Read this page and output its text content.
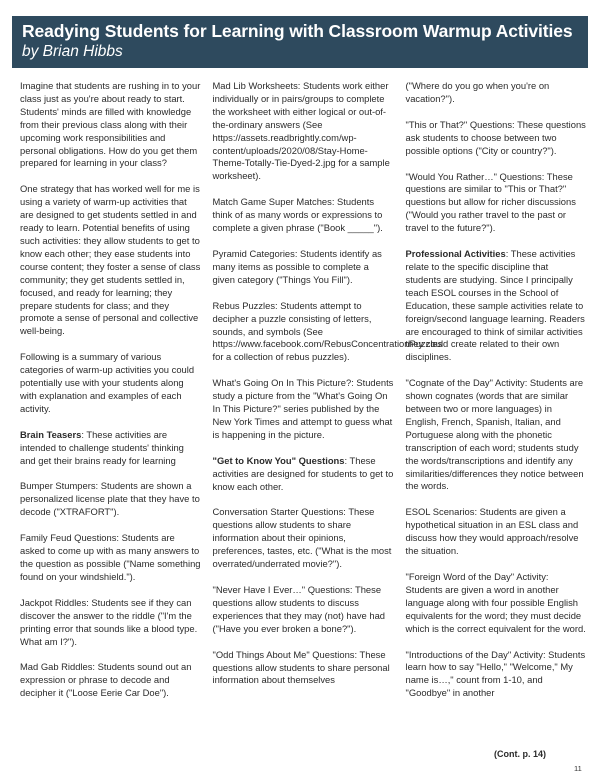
Readying Students for Learning with Classroom Warmup Activities
by Brian Hibbs

Imagine that students are rushing in to your class just as you're about ready to start. Students' minds are filled with knowledge from their previous class along with their upcoming work responsibilities and personal obligations. How do you get them prepared for learning in your class?

One strategy that has worked well for me is using a variety of warm-up activities that are designed to get students settled in and ready to learn. Potential benefits of using such activities: they allow students to get to know each other; they ease students into course content; they foster a sense of class community; they get students settled in, focused, and ready for learning; they prepare students for class; and they promote a sense of personal and collective well-being.

Following is a summary of various categories of warm-up activities you could potentially use with your students along with explanation and examples of each activity.

Brain Teasers: These activities are intended to challenge students' thinking and get their brains ready for learning

Bumper Stumpers: Students are shown a personalized license plate that they have to decode ("XTRAFORT").

Family Feud Questions: Students are asked to come up with as many answers to the question as possible ("Name something found on your windshield.").

Jackpot Riddles: Students see if they can discover the answer to the riddle ("I'm the printing error that sounds like a blood type. What am I?").

Mad Gab Riddles: Students sound out an expression or phrase to decode and decipher it ("Loose Eerie Car Doe").

Mad Lib Worksheets: Students work either individually or in pairs/groups to complete the worksheet with either logical or out-of-the-ordinary answers (See https://assets.readbrightly.com/wp-content/uploads/2020/08/Stay-Home-Theme-Totally-Tie-Dyed-2.jpg for a sample worksheet).

Match Game Super Matches: Students think of as many words or expressions to complete a given phrase ("Book _____").

Pyramid Categories: Students identify as many items as possible to complete a given category ("Things You Fill").

Rebus Puzzles: Students attempt to decipher a puzzle consisting of letters, sounds, and symbols (See https://www.facebook.com/RebusConcentrationPuzzles for a collection of rebus puzzles).

What's Going On In This Picture?: Students study a picture from the "What's Going On In This Picture?" series published by the New York Times and attempt to guess what is happening in the picture.

"Get to Know You" Questions: These activities are designed for students to get to know each other.

Conversation Starter Questions: These questions allow students to share information about their opinions, preferences, tastes, etc. ("What is the most overrated/underrated movie?").

"Never Have I Ever…" Questions: These questions allow students to discuss experiences that they may (not) have had ("Have you ever broken a bone?").

"Odd Things About Me" Questions: These questions allow students to share personal information about themselves

("Where do you go when you're on vacation?").

"This or That?" Questions: These questions ask students to choose between two possible options ("City or country?").

"Would You Rather…" Questions: These questions are similar to "This or That?" questions but allow for richer discussions ("Would you rather travel to the past or travel to the future?").

Professional Activities: These activities relate to the specific discipline that students are studying. Since I principally teach ESOL courses in the School of Education, these sample activities relate to foreign/second language learning. Readers are encouraged to think of similar activities they could create related to their own disciplines.

"Cognate of the Day" Activity: Students are shown cognates (words that are similar between two or more languages) in English, French, Spanish, Italian, and Portuguese along with the phonetic transcription of each word; students study the words/transcriptions and identify any similarities/differences they notice between the words.

ESOL Scenarios: Students are given a hypothetical situation in an ESL class and discuss how they would approach/resolve the situation.

"Foreign Word of the Day" Activity: Students are given a word in another language along with four possible English equivalents for the word; they must decide which is the correct equivalent for the word.

"Introductions of the Day" Activity: Students learn how to say "Hello," "Welcome," My name is…," count from 1-10, and "Goodbye" in another

(Cont. p. 14)
11
